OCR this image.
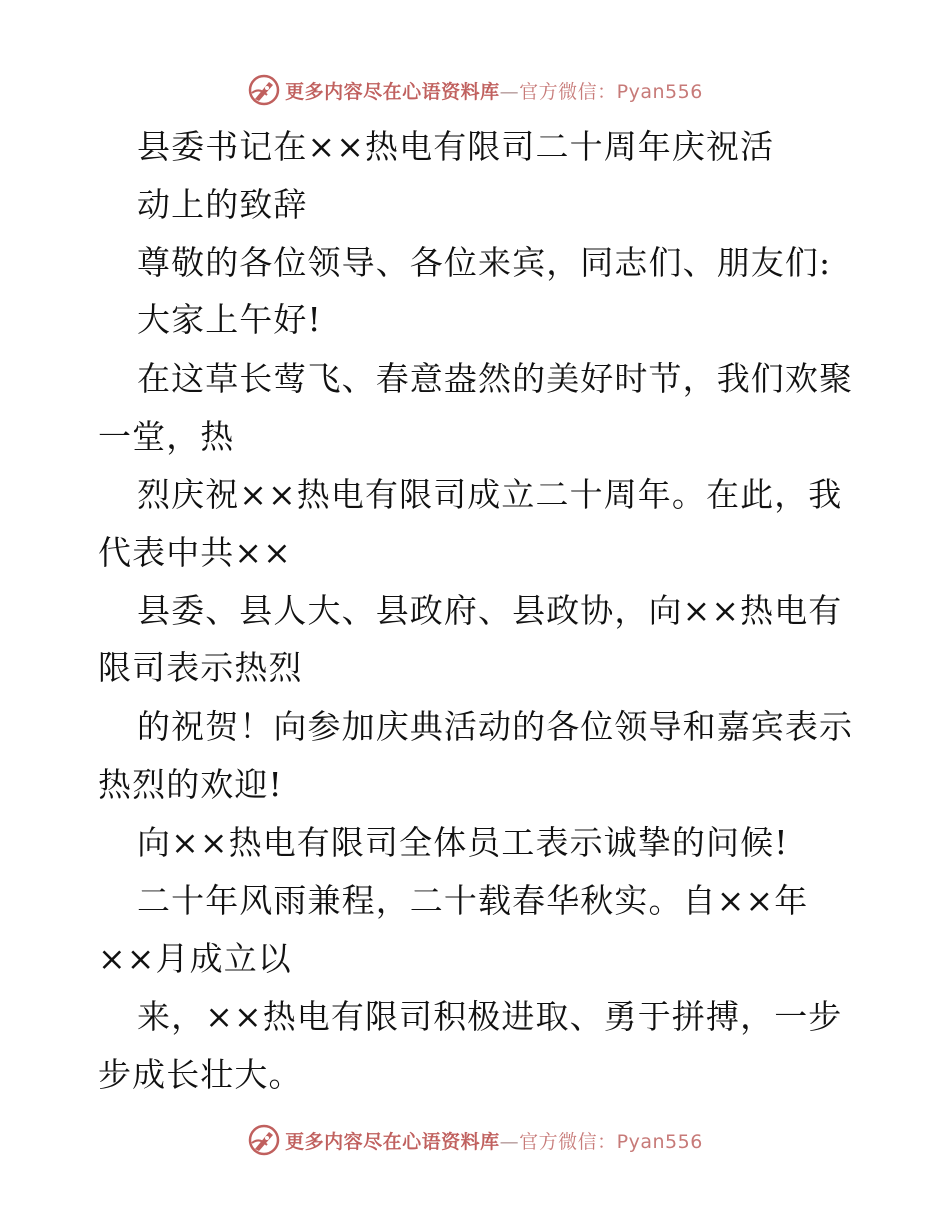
更多内容尽在心语资料库—官方微信：Pyan556
县委书记在××热电有限司二十周年庆祝活
动上的致辞
尊敬的各位领导、各位来宾，同志们、朋友们:
大家上午好!
在这草长莺飞、春意盎然的美好时节，我们欢聚
一堂，热
烈庆祝××热电有限司成立二十周年。在此，我
代表中共××
县委、县人大、县政府、县政协，向××热电有
限司表示热烈
的祝贺！向参加庆典活动的各位领导和嘉宾表示
热烈的欢迎!
向××热电有限司全体员工表示诚挚的问候!
二十年风雨兼程，二十载春华秋实。自××年
××月成立以
来，××热电有限司积极进取、勇于拼搏，一步
步成长壮大。
更多内容尽在心语资料库—官方微信：Pyan556
